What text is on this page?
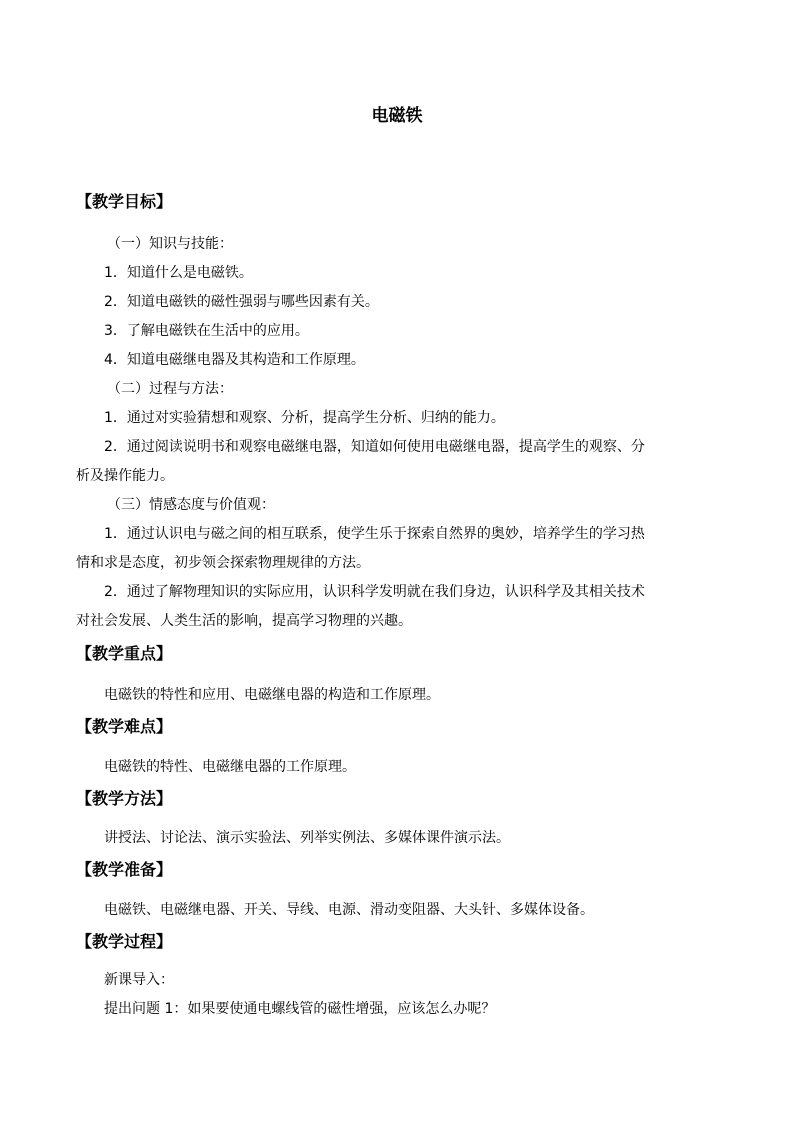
电磁铁
【教学目标】
（一）知识与技能：
1．知道什么是电磁铁。
2．知道电磁铁的磁性强弱与哪些因素有关。
3．了解电磁铁在生活中的应用。
4．知道电磁继电器及其构造和工作原理。
（二）过程与方法：
1．通过对实验猜想和观察、分析，提高学生分析、归纳的能力。
2．通过阅读说明书和观察电磁继电器，知道如何使用电磁继电器，提高学生的观察、分
析及操作能力。
（三）情感态度与价值观：
1．通过认识电与磁之间的相互联系，使学生乐于探索自然界的奥妙，培养学生的学习热
情和求是态度，初步领会探索物理规律的方法。
2．通过了解物理知识的实际应用，认识科学发明就在我们身边，认识科学及其相关技术
对社会发展、人类生活的影响，提高学习物理的兴趣。
【教学重点】
电磁铁的特性和应用、电磁继电器的构造和工作原理。
【教学难点】
电磁铁的特性、电磁继电器的工作原理。
【教学方法】
讲授法、讨论法、演示实验法、列举实例法、多媒体课件演示法。
【教学准备】
电磁铁、电磁继电器、开关、导线、电源、滑动变阻器、大头针、多媒体设备。
【教学过程】
新课导入：
提出问题 1：如果要使通电螺线管的磁性增强，应该怎么办呢？
